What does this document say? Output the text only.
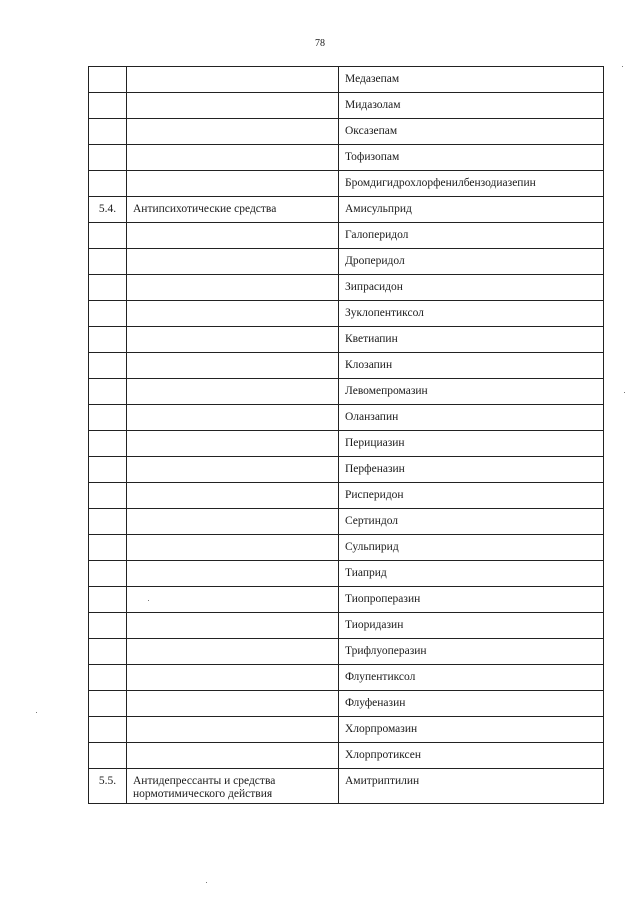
78

		Медазепам

		Мидазолам

		Оксазепам

		Тофизопам

		Бромдигидрохлорфенилбензодиазепин

5.4.	Антипсихотические средства	Амисульприд

		Галоперидол

		Дроперидол

		Зипрасидон

		Зуклопентиксол

		Кветиапин

		Клозапин

		Левомепромазин

		Оланзапин

		Перициазин

		Перфеназин

		Рисперидон

		Сертиндол

		Сульпирид

		Тиаприд

		Тиопроперазин

		Тиоридазин

		Трифлуоперазин

		Флупентиксол

		Флуфеназин

		Хлорпромазин

		Хлорпротиксен

5.5.	Антидепрессанты и средства нормотимического действия	Амитриптилин
